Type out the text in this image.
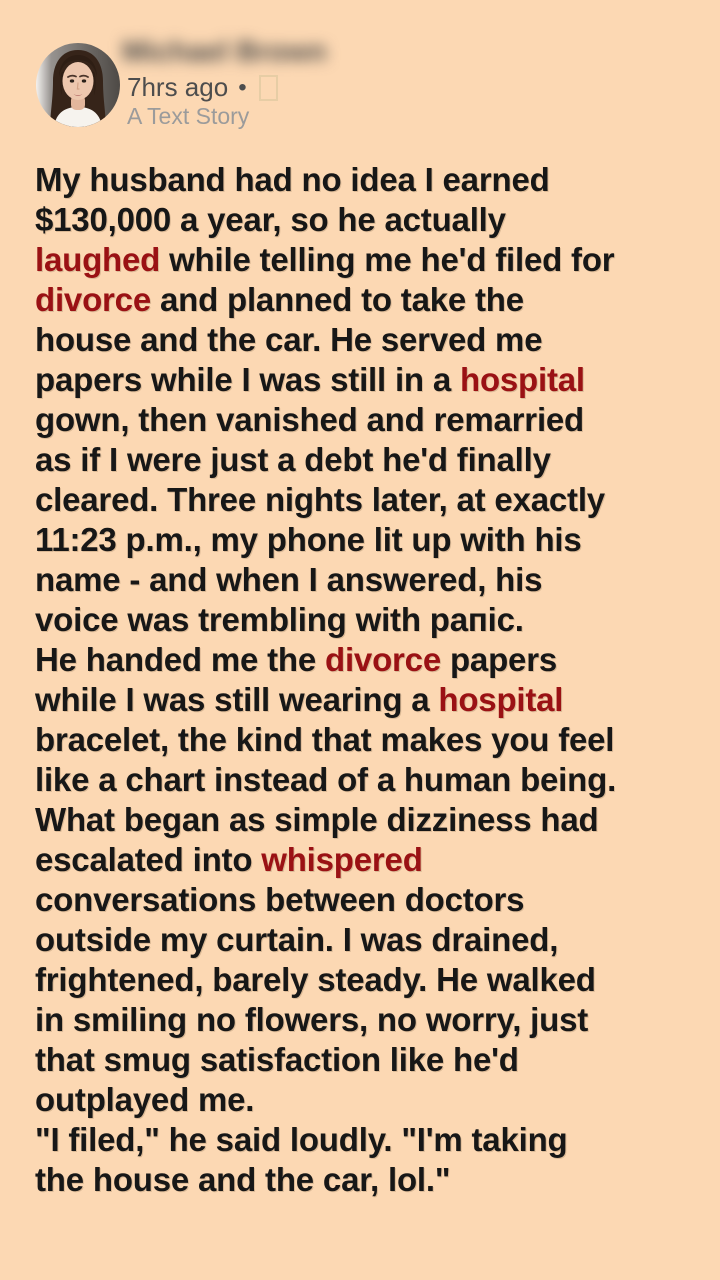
Michael Brown
7hrs ago •
A Text Story
My husband had no idea I earned
$130,000 a year, so he actually
laughed while telling me he'd filed for
divorce and planned to take the
house and the car. He served me
papers while I was still in a hospital
gown, then vanished and remarried
as if I were just a debt he'd finally
cleared. Three nights later, at exactly
11:23 p.m., my phone lit up with his
name - and when I answered, his
voice was trembling with paпic.
He handed me the divorce papers
while I was still wearing a hospital
bracelet, the kind that makes you feel
like a chart instead of a human being.
What began as simple dizziness had
escalated into whispered
conversations between doctors
outside my curtain. I was drained,
frightened, barely steady. He walked
in smiling no flowers, no worry, just
that smug satisfaction like he'd
outplayed me.
"I filed," he said loudly. "I'm taking
the house and the car, lol."
